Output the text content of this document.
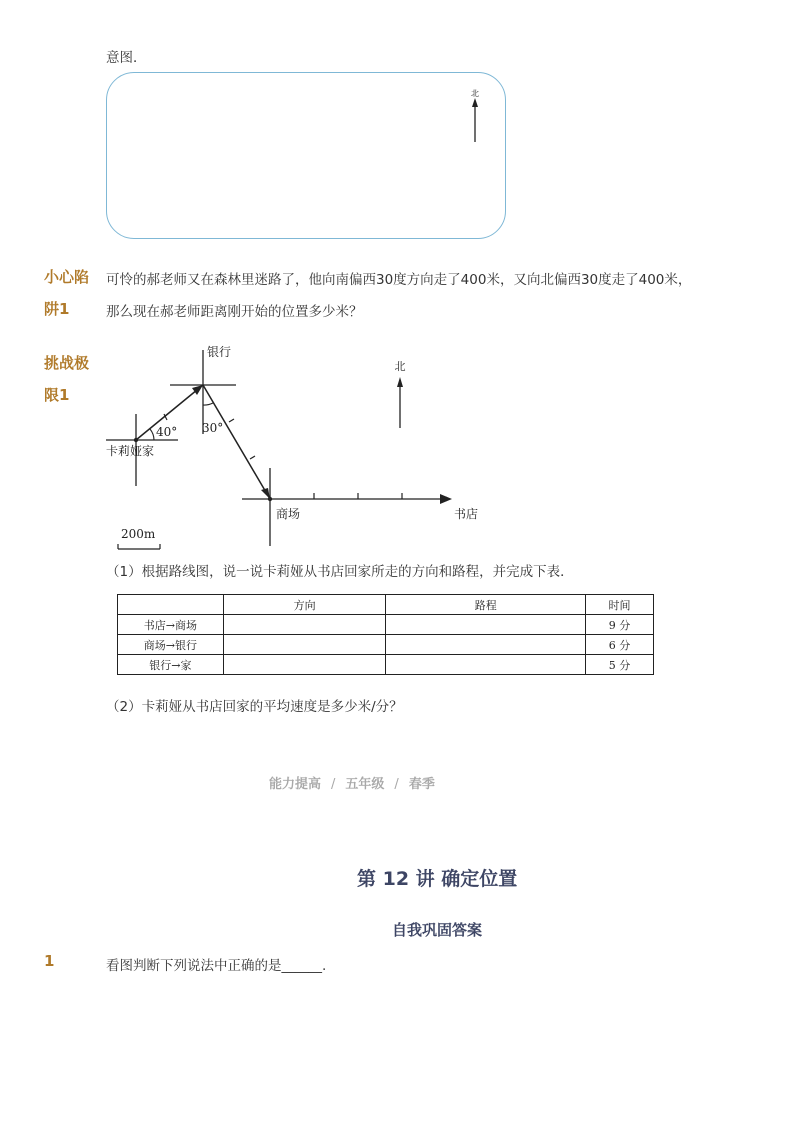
意图．
北
小心陷
阱1
可怜的郝老师又在森林里迷路了，他向南偏西30度方向走了400米，又向北偏西30度走了400米，
那么现在郝老师距离刚开始的位置多少米？
挑战极
限1
银行
卡莉娅家
商场	书店
40° 30°
北
200m
（1）根据路线图，说一说卡莉娅从书店回家所走的方向和路程，并完成下表．
	方向	路程	时间
书店→商场			9 分
商场→银行			6 分
银行→家			5 分
（2）卡莉娅从书店回家的平均速度是多少米/分？
能力提高 / 五年级 / 春季
第 12 讲 确定位置
自我巩固答案
1	看图判断下列说法中正确的是______.
